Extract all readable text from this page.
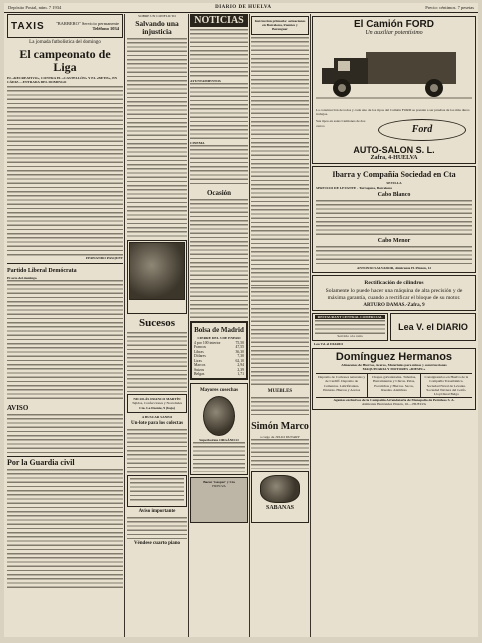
Depósito Postal, núm. 7 1934	DIARIO DE HUELVA	Precio: céntimos. 7 pesetas
TAXIS "BARBERO" Servicio permanente
Teléfono 1034
La jornada futbolística del domingo
El campeonato de Liga
EL «RECREATIVO», CONTRA EL «CASTELLÓN» Y EL «BETIS», EN CÁDIZ.—ENTRADA DEL DOMINGO
FERNANDO PASQUET
Partido Liberal Demócrata
El acto del domingo
AVISO
Por la Guardia civil
SOBRE UN CONFLICTO
Salvando una injusticia
Sucesos
NICOLÁS FRANCO MARTÍN
Tejidos, Confecciones y Novedades
Cta. La Fuente, 9 (bajo)
A BUSCAR SANEO
Un-lote para los colectas
Aviso importante
Véndese cuarto piano
NOTICIAS
AYUNTAMIENTOS
CINEMA
Ocasión
Bolsa de Madrid
CIERRE DEL 3 DE ENERO
4 por 100 interior	75,50
Francos	47,55
Libras	36,30
Dólares	7,30
Liras	62,10
Marcos	2,94
Suizos	2,39
Belgas	1,71
Mayores cosechas
Superfosfato ORGÁNICO
Bazar 'Gaspar' y Cía
HUELVA
Instrucción primaria: actuaciones en Barcelona, Fuentes y Berenguer
MUEBLES
Simón Marco
a cargo de JULIO DUTARY
SABANAS
El Camión FORD
Un auxiliar potentísimo
La construcción de todos y cada uno de los tipos del Camión FORD se prestan a ser pruebas de los más duros trabajos.
Sus tipos en estas Camiones de dos carros	Ford
AUTO-SALON S. L.
Zafra, 4-HUELVA
Ibarra y Compañía Sociedad en Cta
SEVILLA
SERVICIO DE LEVANTE - Tarragona, Barcelona
Cabo Blanco
Cabo Menor
ANTONIO SALVADOR, Almirante H. Pinzón, 12
Rectificación de cilindros
Solamente lo puede hacer una máquina de alta precisión y de máxima garantía, cuando a rectificar el bloque de su motor.
ARTURO DAMAS.-Zafra, 9
RESTAURANT CENTRAL COMERCIAL
Servicio a la carta
Lea V. el DIARIO
Lea Vd. el DIARIO
Domínguez Hermanos
Almacenes de Hierros, Aceros, Materiales para minas y construcciones
MAQUINARIA Y MOTORES «DIESEL»
Depósito de Carbones naturales y de Cardiff. Depósito de Cementos. Lubrificantes. Pinturas. Hierros y Aceros
Chapas galvanizadas. Tuberías, Herramientas y Chicas. Palas, Escalichas y Hierros. Sacos, Ruedas. Alambres
Consignatarios en Huelva de la Compañía Trasatlántica. Sociedad Naval de Levante. Sociedad Naviera del Golfo. Lloyd Real Belga
Agentes exclusivos de la Compañía Arrendataria de Monopolio de Petróleos S. A.
Almirante Hernández Pinzón, 16.—HUELVA
